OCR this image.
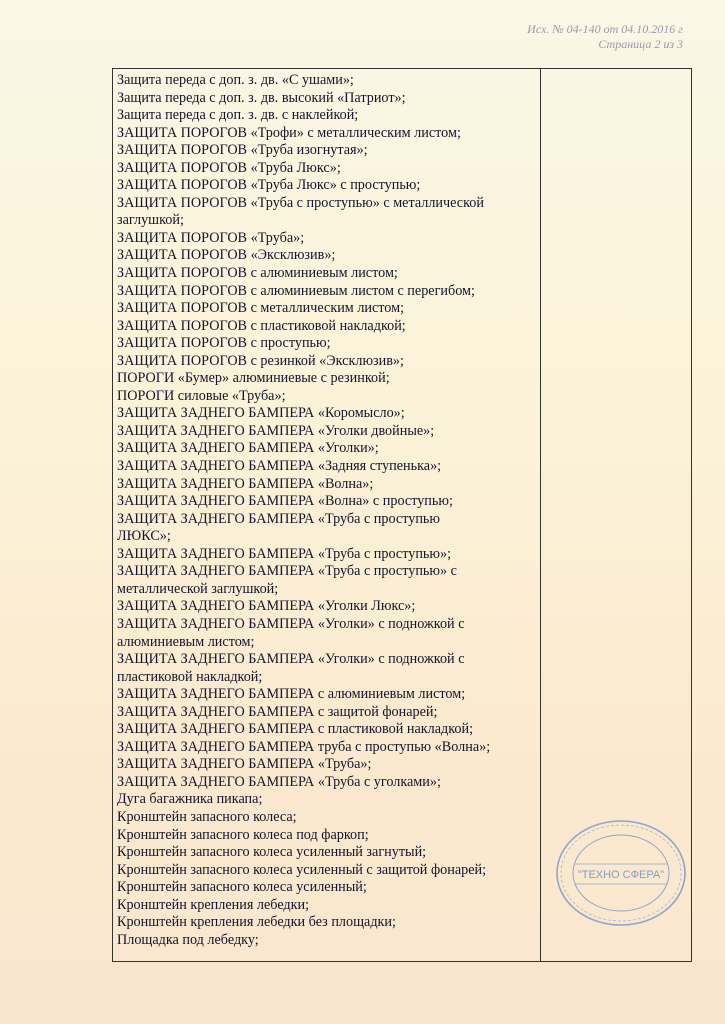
Исх. № 04-140 от 04.10.2016 г
Страница 2 из 3
Защита переда с доп. з. дв. «С ушами»;
Защита переда с доп. з. дв. высокий «Патриот»;
Защита переда с доп. з. дв. с наклейкой;
ЗАЩИТА ПОРОГОВ «Трофи» с металлическим листом;
ЗАЩИТА ПОРОГОВ «Труба изогнутая»;
ЗАЩИТА ПОРОГОВ «Труба Люкс»;
ЗАЩИТА ПОРОГОВ «Труба Люкс» с проступью;
ЗАЩИТА ПОРОГОВ «Труба с проступью» с металлической
заглушкой;
ЗАЩИТА ПОРОГОВ «Труба»;
ЗАЩИТА ПОРОГОВ «Эксклюзив»;
ЗАЩИТА ПОРОГОВ с алюминиевым листом;
ЗАЩИТА ПОРОГОВ с алюминиевым листом с перегибом;
ЗАЩИТА ПОРОГОВ с металлическим листом;
ЗАЩИТА ПОРОГОВ с пластиковой накладкой;
ЗАЩИТА ПОРОГОВ с проступью;
ЗАЩИТА ПОРОГОВ с резинкой «Эксклюзив»;
ПОРОГИ «Бумер» алюминиевые с резинкой;
ПОРОГИ силовые «Труба»;
ЗАЩИТА ЗАДНЕГО БАМПЕРА «Коромысло»;
ЗАЩИТА ЗАДНЕГО БАМПЕРА «Уголки двойные»;
ЗАЩИТА ЗАДНЕГО БАМПЕРА «Уголки»;
ЗАЩИТА ЗАДНЕГО БАМПЕРА «Задняя ступенька»;
ЗАЩИТА ЗАДНЕГО БАМПЕРА «Волна»;
ЗАЩИТА ЗАДНЕГО БАМПЕРА «Волна» с проступью;
ЗАЩИТА ЗАДНЕГО БАМПЕРА «Труба с проступью
ЛЮКС»;
ЗАЩИТА ЗАДНЕГО БАМПЕРА «Труба с проступью»;
ЗАЩИТА ЗАДНЕГО БАМПЕРА «Труба с проступью» с
металлической заглушкой;
ЗАЩИТА ЗАДНЕГО БАМПЕРА «Уголки Люкс»;
ЗАЩИТА ЗАДНЕГО БАМПЕРА «Уголки» с подножкой с
алюминиевым листом;
ЗАЩИТА ЗАДНЕГО БАМПЕРА «Уголки» с подножкой с
пластиковой накладкой;
ЗАЩИТА ЗАДНЕГО БАМПЕРА с алюминиевым листом;
ЗАЩИТА ЗАДНЕГО БАМПЕРА с защитой фонарей;
ЗАЩИТА ЗАДНЕГО БАМПЕРА с пластиковой накладкой;
ЗАЩИТА ЗАДНЕГО БАМПЕРА труба с проступью «Волна»;
ЗАЩИТА ЗАДНЕГО БАМПЕРА «Труба»;
ЗАЩИТА ЗАДНЕГО БАМПЕРА «Труба с уголками»;
Дуга багажника пикапа;
Кронштейн запасного колеса;
Кронштейн запасного колеса под фаркоп;
Кронштейн запасного колеса усиленный загнутый;
Кронштейн запасного колеса усиленный с защитой фонарей;
Кронштейн запасного колеса усиленный;
Кронштейн крепления лебедки;
Кронштейн крепления лебедки без площадки;
Площадка под лебедку;
"ТЕХНО СФЕРА"
